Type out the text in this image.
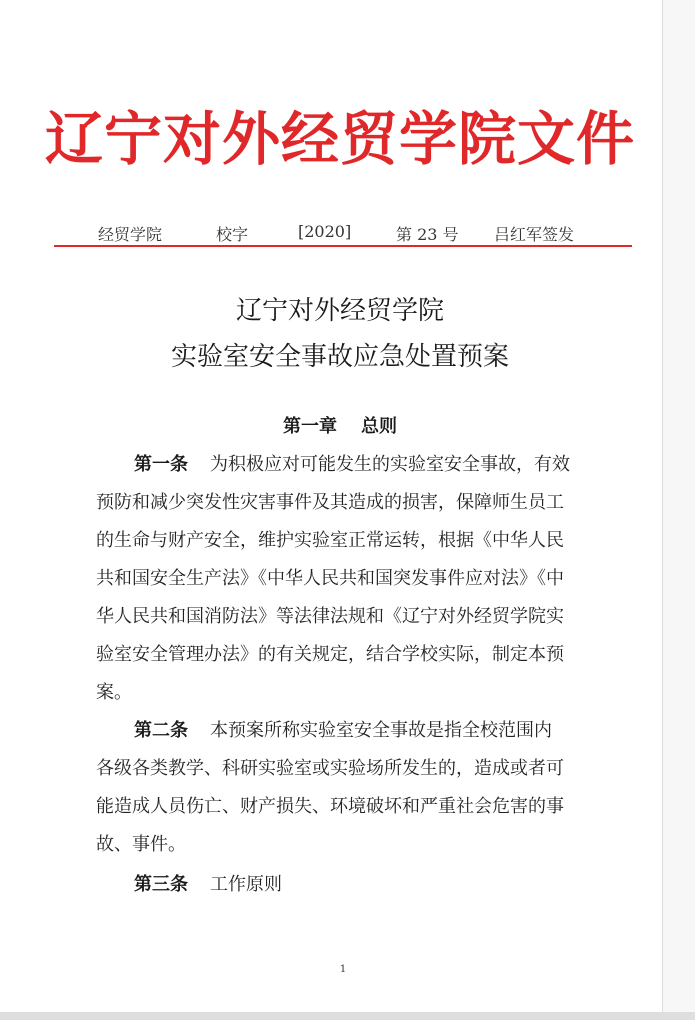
辽宁对外经贸学院文件
经贸学院	校字	[2020]	第 23 号 吕红军签发
辽宁对外经贸学院
实验室安全事故应急处置预案
第一章 总则
第一条 为积极应对可能发生的实验室安全事故，有效
预防和减少突发性灾害事件及其造成的损害，保障师生员工
的生命与财产安全，维护实验室正常运转，根据《中华人民
共和国安全生产法》《中华人民共和国突发事件应对法》《中
华人民共和国消防法》等法律法规和《辽宁对外经贸学院实
验室安全管理办法》的有关规定，结合学校实际，制定本预
案。
第二条 本预案所称实验室安全事故是指全校范围内
各级各类教学、科研实验室或实验场所发生的，造成或者可
能造成人员伤亡、财产损失、环境破坏和严重社会危害的事
故、事件。
第三条 工作原则
1
